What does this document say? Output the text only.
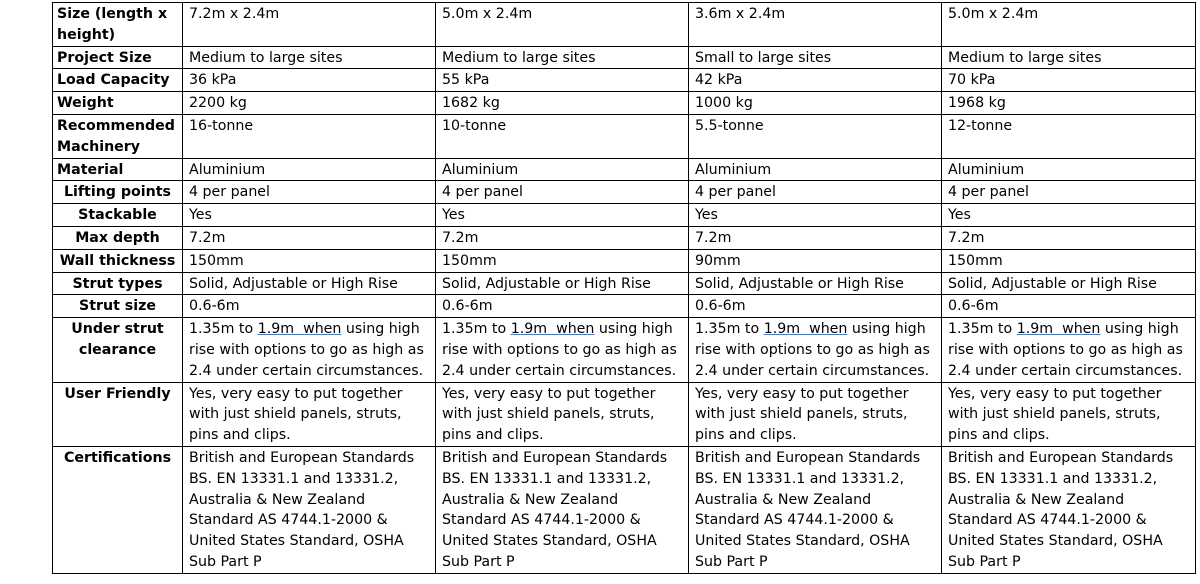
Size (length x height)	7.2m x 2.4m	5.0m x 2.4m	3.6m x 2.4m	5.0m x 2.4m
Project Size	Medium to large sites	Medium to large sites	Small to large sites	Medium to large sites
Load Capacity	36 kPa	55 kPa	42 kPa	70 kPa
Weight	2200 kg	1682 kg	1000 kg	1968 kg
Recommended Machinery	16-tonne	10-tonne	5.5-tonne	12-tonne
Material	Aluminium	Aluminium	Aluminium	Aluminium
Lifting points	4 per panel	4 per panel	4 per panel	4 per panel
Stackable	Yes	Yes	Yes	Yes
Max depth	7.2m	7.2m	7.2m	7.2m
Wall thickness	150mm	150mm	90mm	150mm
Strut types	Solid, Adjustable or High Rise	Solid, Adjustable or High Rise	Solid, Adjustable or High Rise	Solid, Adjustable or High Rise
Strut size	0.6-6m	0.6-6m	0.6-6m	0.6-6m
Under strut clearance	1.35m to 1.9m  when using high rise with options to go as high as 2.4 under certain circumstances.	1.35m to 1.9m  when using high rise with options to go as high as 2.4 under certain circumstances.	1.35m to 1.9m  when using high rise with options to go as high as 2.4 under certain circumstances.	1.35m to 1.9m  when using high rise with options to go as high as 2.4 under certain circumstances.
User Friendly	Yes, very easy to put together with just shield panels, struts, pins and clips.	Yes, very easy to put together with just shield panels, struts, pins and clips.	Yes, very easy to put together with just shield panels, struts, pins and clips.	Yes, very easy to put together with just shield panels, struts, pins and clips.
Certifications	British and European Standards BS. EN 13331.1 and 13331.2, Australia & New Zealand Standard AS 4744.1-2000 & United States Standard, OSHA Sub Part P	British and European Standards BS. EN 13331.1 and 13331.2, Australia & New Zealand Standard AS 4744.1-2000 & United States Standard, OSHA Sub Part P	British and European Standards BS. EN 13331.1 and 13331.2, Australia & New Zealand Standard AS 4744.1-2000 & United States Standard, OSHA Sub Part P	British and European Standards BS. EN 13331.1 and 13331.2, Australia & New Zealand Standard AS 4744.1-2000 & United States Standard, OSHA Sub Part P
